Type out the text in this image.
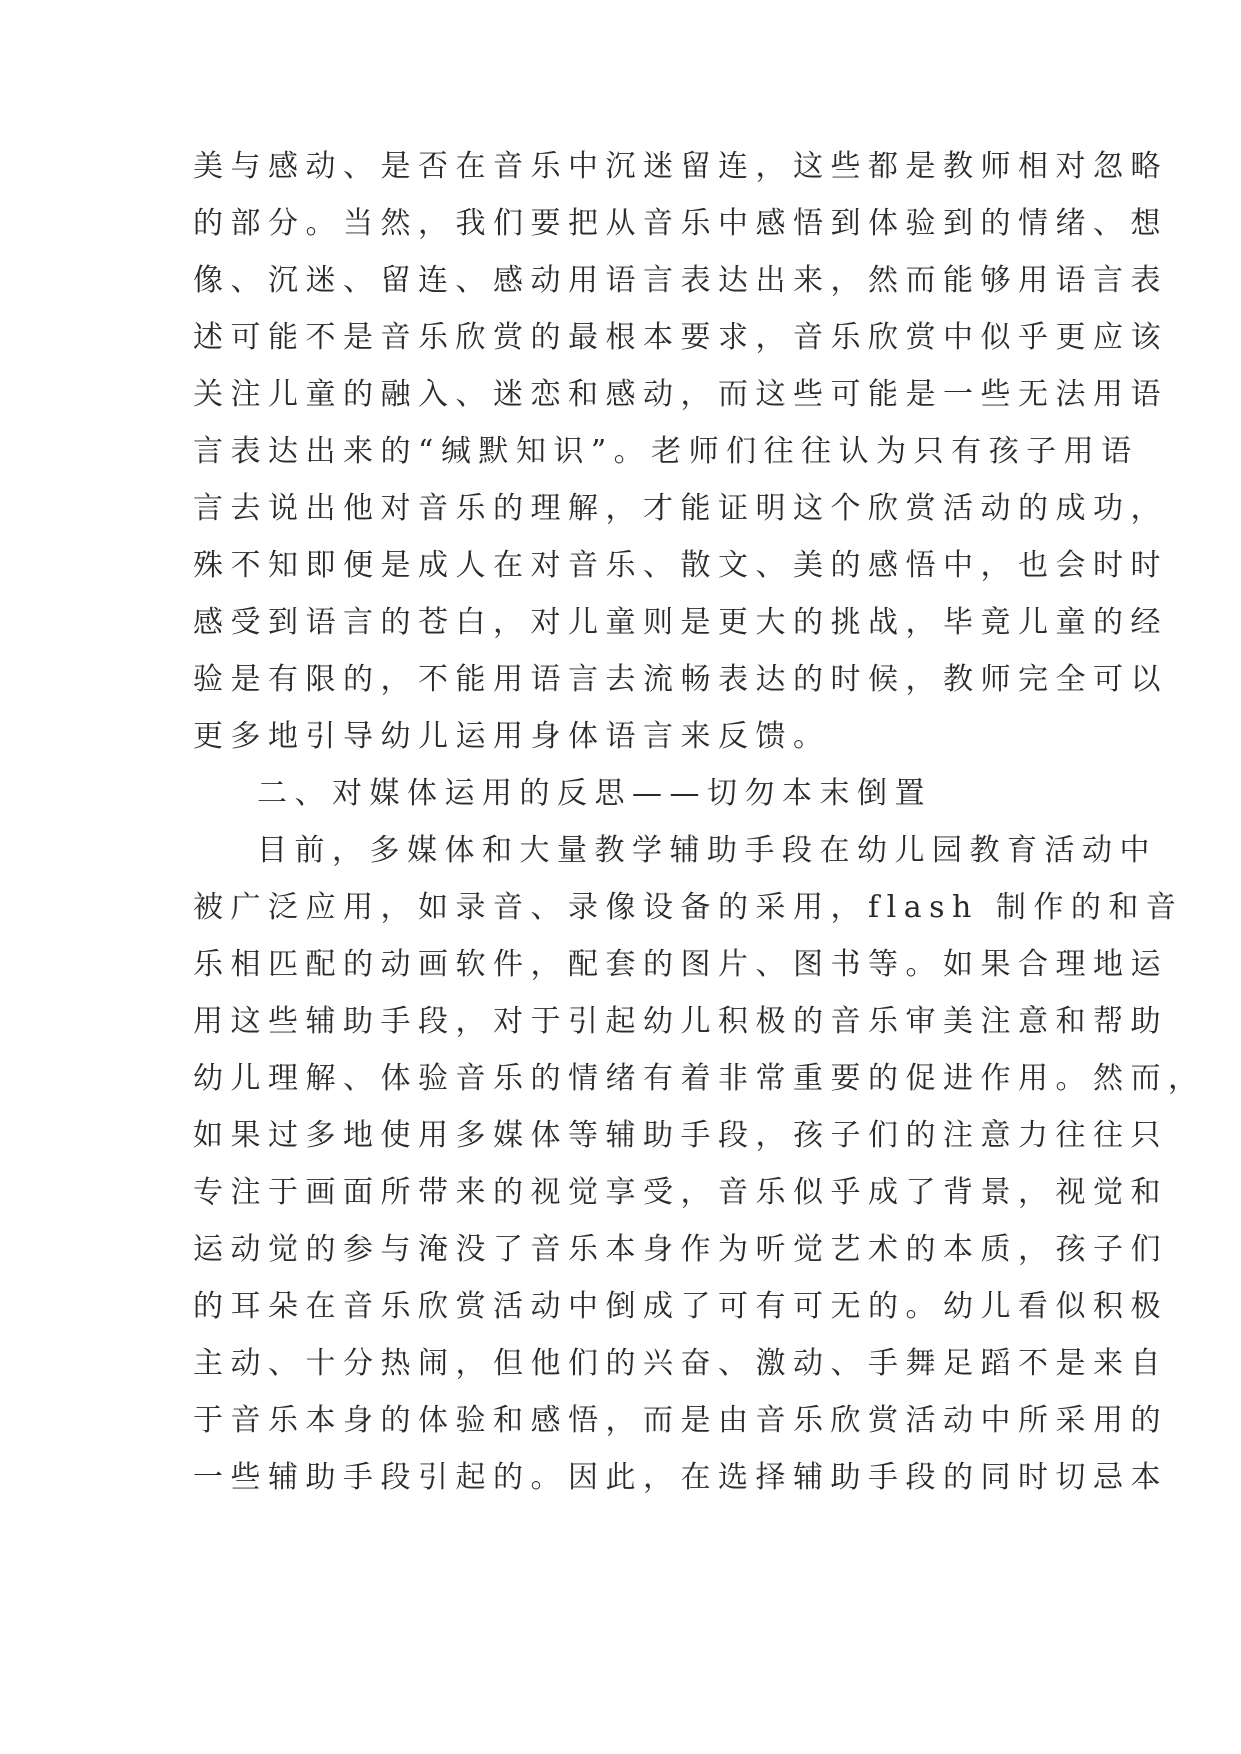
美与感动、是否在音乐中沉迷留连，这些都是教师相对忽略
的部分。当然，我们要把从音乐中感悟到体验到的情绪、想
像、沉迷、留连、感动用语言表达出来，然而能够用语言表
述可能不是音乐欣赏的最根本要求，音乐欣赏中似乎更应该
关注儿童的融入、迷恋和感动，而这些可能是一些无法用语
言表达出来的“缄默知识”。老师们往往认为只有孩子用语
言去说出他对音乐的理解，才能证明这个欣赏活动的成功，
殊不知即便是成人在对音乐、散文、美的感悟中，也会时时
感受到语言的苍白，对儿童则是更大的挑战，毕竟儿童的经
验是有限的，不能用语言去流畅表达的时候，教师完全可以
更多地引导幼儿运用身体语言来反馈。
二、对媒体运用的反思——切勿本末倒置
目前，多媒体和大量教学辅助手段在幼儿园教育活动中
被广泛应用，如录音、录像设备的采用，flash 制作的和音
乐相匹配的动画软件，配套的图片、图书等。如果合理地运
用这些辅助手段，对于引起幼儿积极的音乐审美注意和帮助
幼儿理解、体验音乐的情绪有着非常重要的促进作用。然而，
如果过多地使用多媒体等辅助手段，孩子们的注意力往往只
专注于画面所带来的视觉享受，音乐似乎成了背景，视觉和
运动觉的参与淹没了音乐本身作为听觉艺术的本质，孩子们
的耳朵在音乐欣赏活动中倒成了可有可无的。幼儿看似积极
主动、十分热闹，但他们的兴奋、激动、手舞足蹈不是来自
于音乐本身的体验和感悟，而是由音乐欣赏活动中所采用的
一些辅助手段引起的。因此，在选择辅助手段的同时切忌本
